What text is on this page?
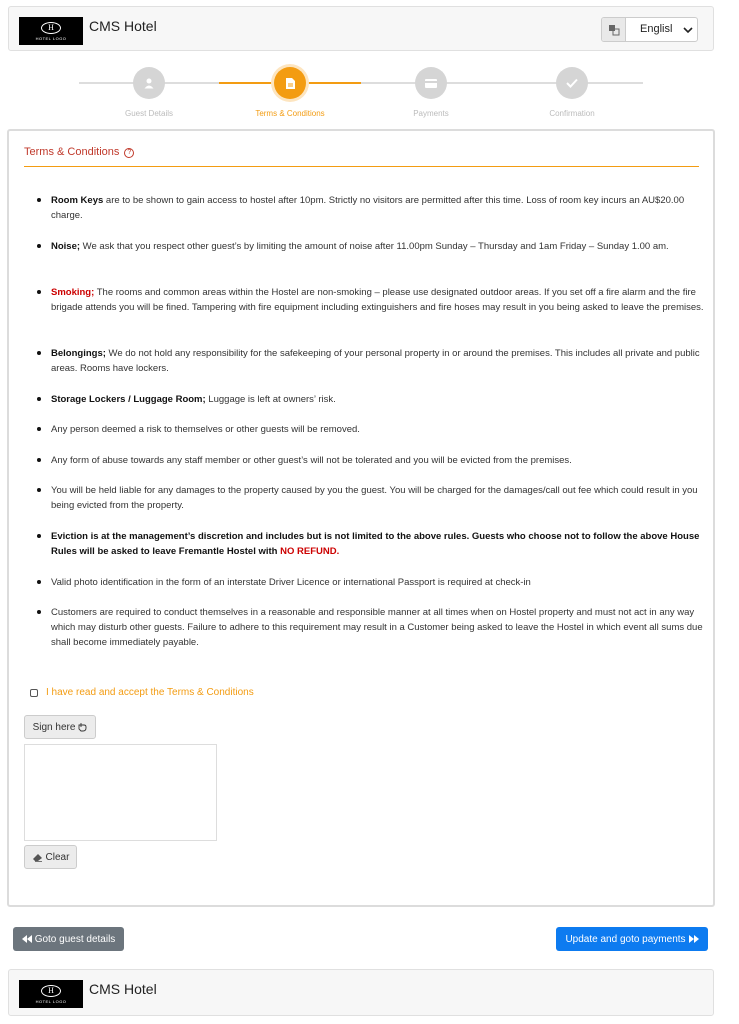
H
HOTEL LOGO
CMS Hotel	Englisl
Guest Details	Terms & Conditions	Payments	Confirmation
Terms & Conditions	?
Room Keys are to be shown to gain access to hostel after 10pm. Strictly no visitors are permitted after this time. Loss of room key incurs an AU$20.00 charge.
Noise; We ask that you respect other guest’s by limiting the amount of noise after 11.00pm Sunday – Thursday and 1am Friday – Sunday 1.00 am.
Smoking; The rooms and common areas within the Hostel are non-smoking – please use designated outdoor areas. If you set off a fire alarm and the fire brigade attends you will be fined. Tampering with fire equipment including extinguishers and fire hoses may result in you being asked to leave the premises.
Belongings; We do not hold any responsibility for the safekeeping of your personal property in or around the premises. This includes all private and public areas. Rooms have lockers.
Storage Lockers / Luggage Room; Luggage is left at owners’ risk.
Any person deemed a risk to themselves or other guests will be removed.
Any form of abuse towards any staff member or other guest’s will not be tolerated and you will be evicted from the premises.
You will be held liable for any damages to the property caused by you the guest. You will be charged for the damages/call out fee which could result in you being evicted from the property.
Eviction is at the management’s discretion and includes but is not limited to the above rules. Guests who choose not to follow the above House Rules will be asked to leave Fremantle Hostel with NO REFUND.
Valid photo identification in the form of an interstate Driver Licence or international Passport is required at check-in
Customers are required to conduct themselves in a reasonable and responsible manner at all times when on Hostel property and must not act in any way which may disturb other guests. Failure to adhere to this requirement may result in a Customer being asked to leave the Hostel in which event all sums due shall become immediately payable.
I have read and accept the Terms & Conditions
Sign here
Clear
Goto guest details	Update and goto payments
H
HOTEL LOGO
CMS Hotel
